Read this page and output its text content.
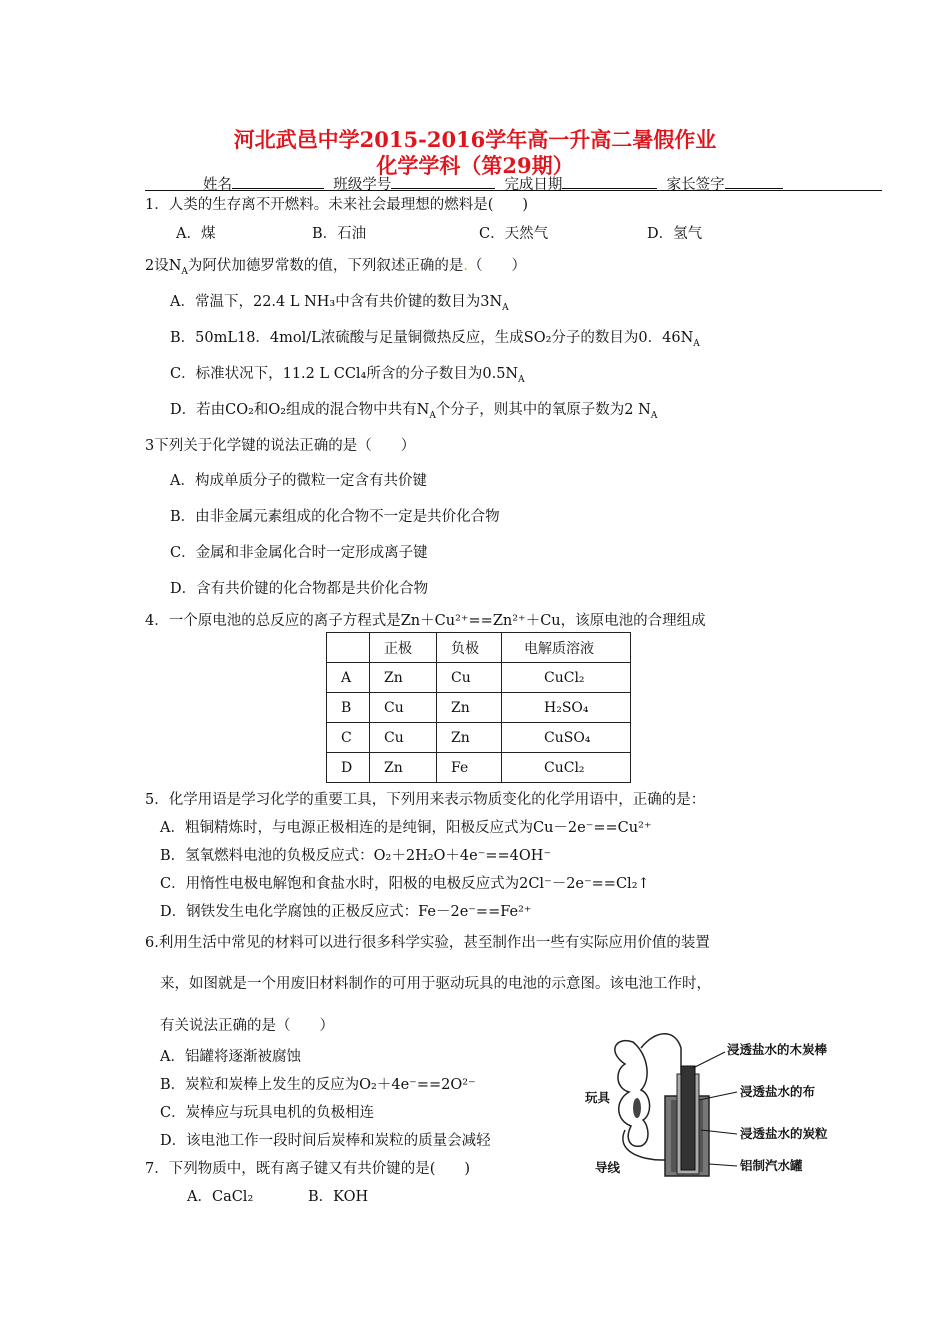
河北武邑中学2015-2016学年高一升高二暑假作业
化学学科（第29期）
姓名	班级学号	完成日期	家长签字
1．人类的生存离不开燃料。未来社会最理想的燃料是(　　)
A．煤	B．石油	C．天然气	D．氢气
2设$N_A$为阿伏加德罗常数的值，下列叙述正确的是.（　　）
A．常温下，22.4 L NH₃中含有共价键的数目为$3N_A$
B．50mL18．4mol/L浓硫酸与足量铜微热反应，生成SO₂分子的数目为0．$46N_A$
C．标准状况下，11.2 L CCl₄所含的分子数目为$0.5N_A$
D．若由CO₂和O₂组成的混合物中共有$N_A$个分子，则其中的氧原子数为2 $N_A$
3下列关于化学键的说法正确的是（　　）
A．构成单质分子的微粒一定含有共价键
B．由非金属元素组成的化合物不一定是共价化合物
C．金属和非金属化合时一定形成离子键
D．含有共价键的化合物都是共价化合物
4．一个原电池的总反应的离子方程式是Zn＋Cu²⁺==Zn²⁺＋Cu，该原电池的合理组成
	正极	负极	电解质溶液
A	Zn	Cu	CuCl₂
B	Cu	Zn	H₂SO₄
C	Cu	Zn	CuSO₄
D	Zn	Fe	CuCl₂
5．化学用语是学习化学的重要工具，下列用来表示物质变化的化学用语中，正确的是：
A．粗铜精炼时，与电源正极相连的是纯铜，阳极反应式为Cu－2e⁻==Cu²⁺
B．氢氧燃料电池的负极反应式：O₂＋2H₂O＋4e⁻==4OH⁻
C．用惰性电极电解饱和食盐水时，阳极的电极反应式为2Cl⁻－2e⁻==Cl₂↑
D．钢铁发生电化学腐蚀的正极反应式：Fe－2e⁻==Fe²⁺
6.利用生活中常见的材料可以进行很多科学实验，甚至制作出一些有实际应用价值的装置
来，如图就是一个用废旧材料制作的可用于驱动玩具的电池的示意图。该电池工作时，
有关说法正确的是（　　）
A．铝罐将逐渐被腐蚀
B．炭粒和炭棒上发生的反应为O₂＋4e⁻==2O²⁻
C．炭棒应与玩具电机的负极相连
D．该电池工作一段时间后炭棒和炭粒的质量会减轻
浸透盐水的木炭棒
浸透盐水的布
浸透盐水的炭粒
铝制汽水罐
玩具
导线
7．下列物质中，既有离子键又有共价键的是(　　)
A．CaCl₂	B．KOH
